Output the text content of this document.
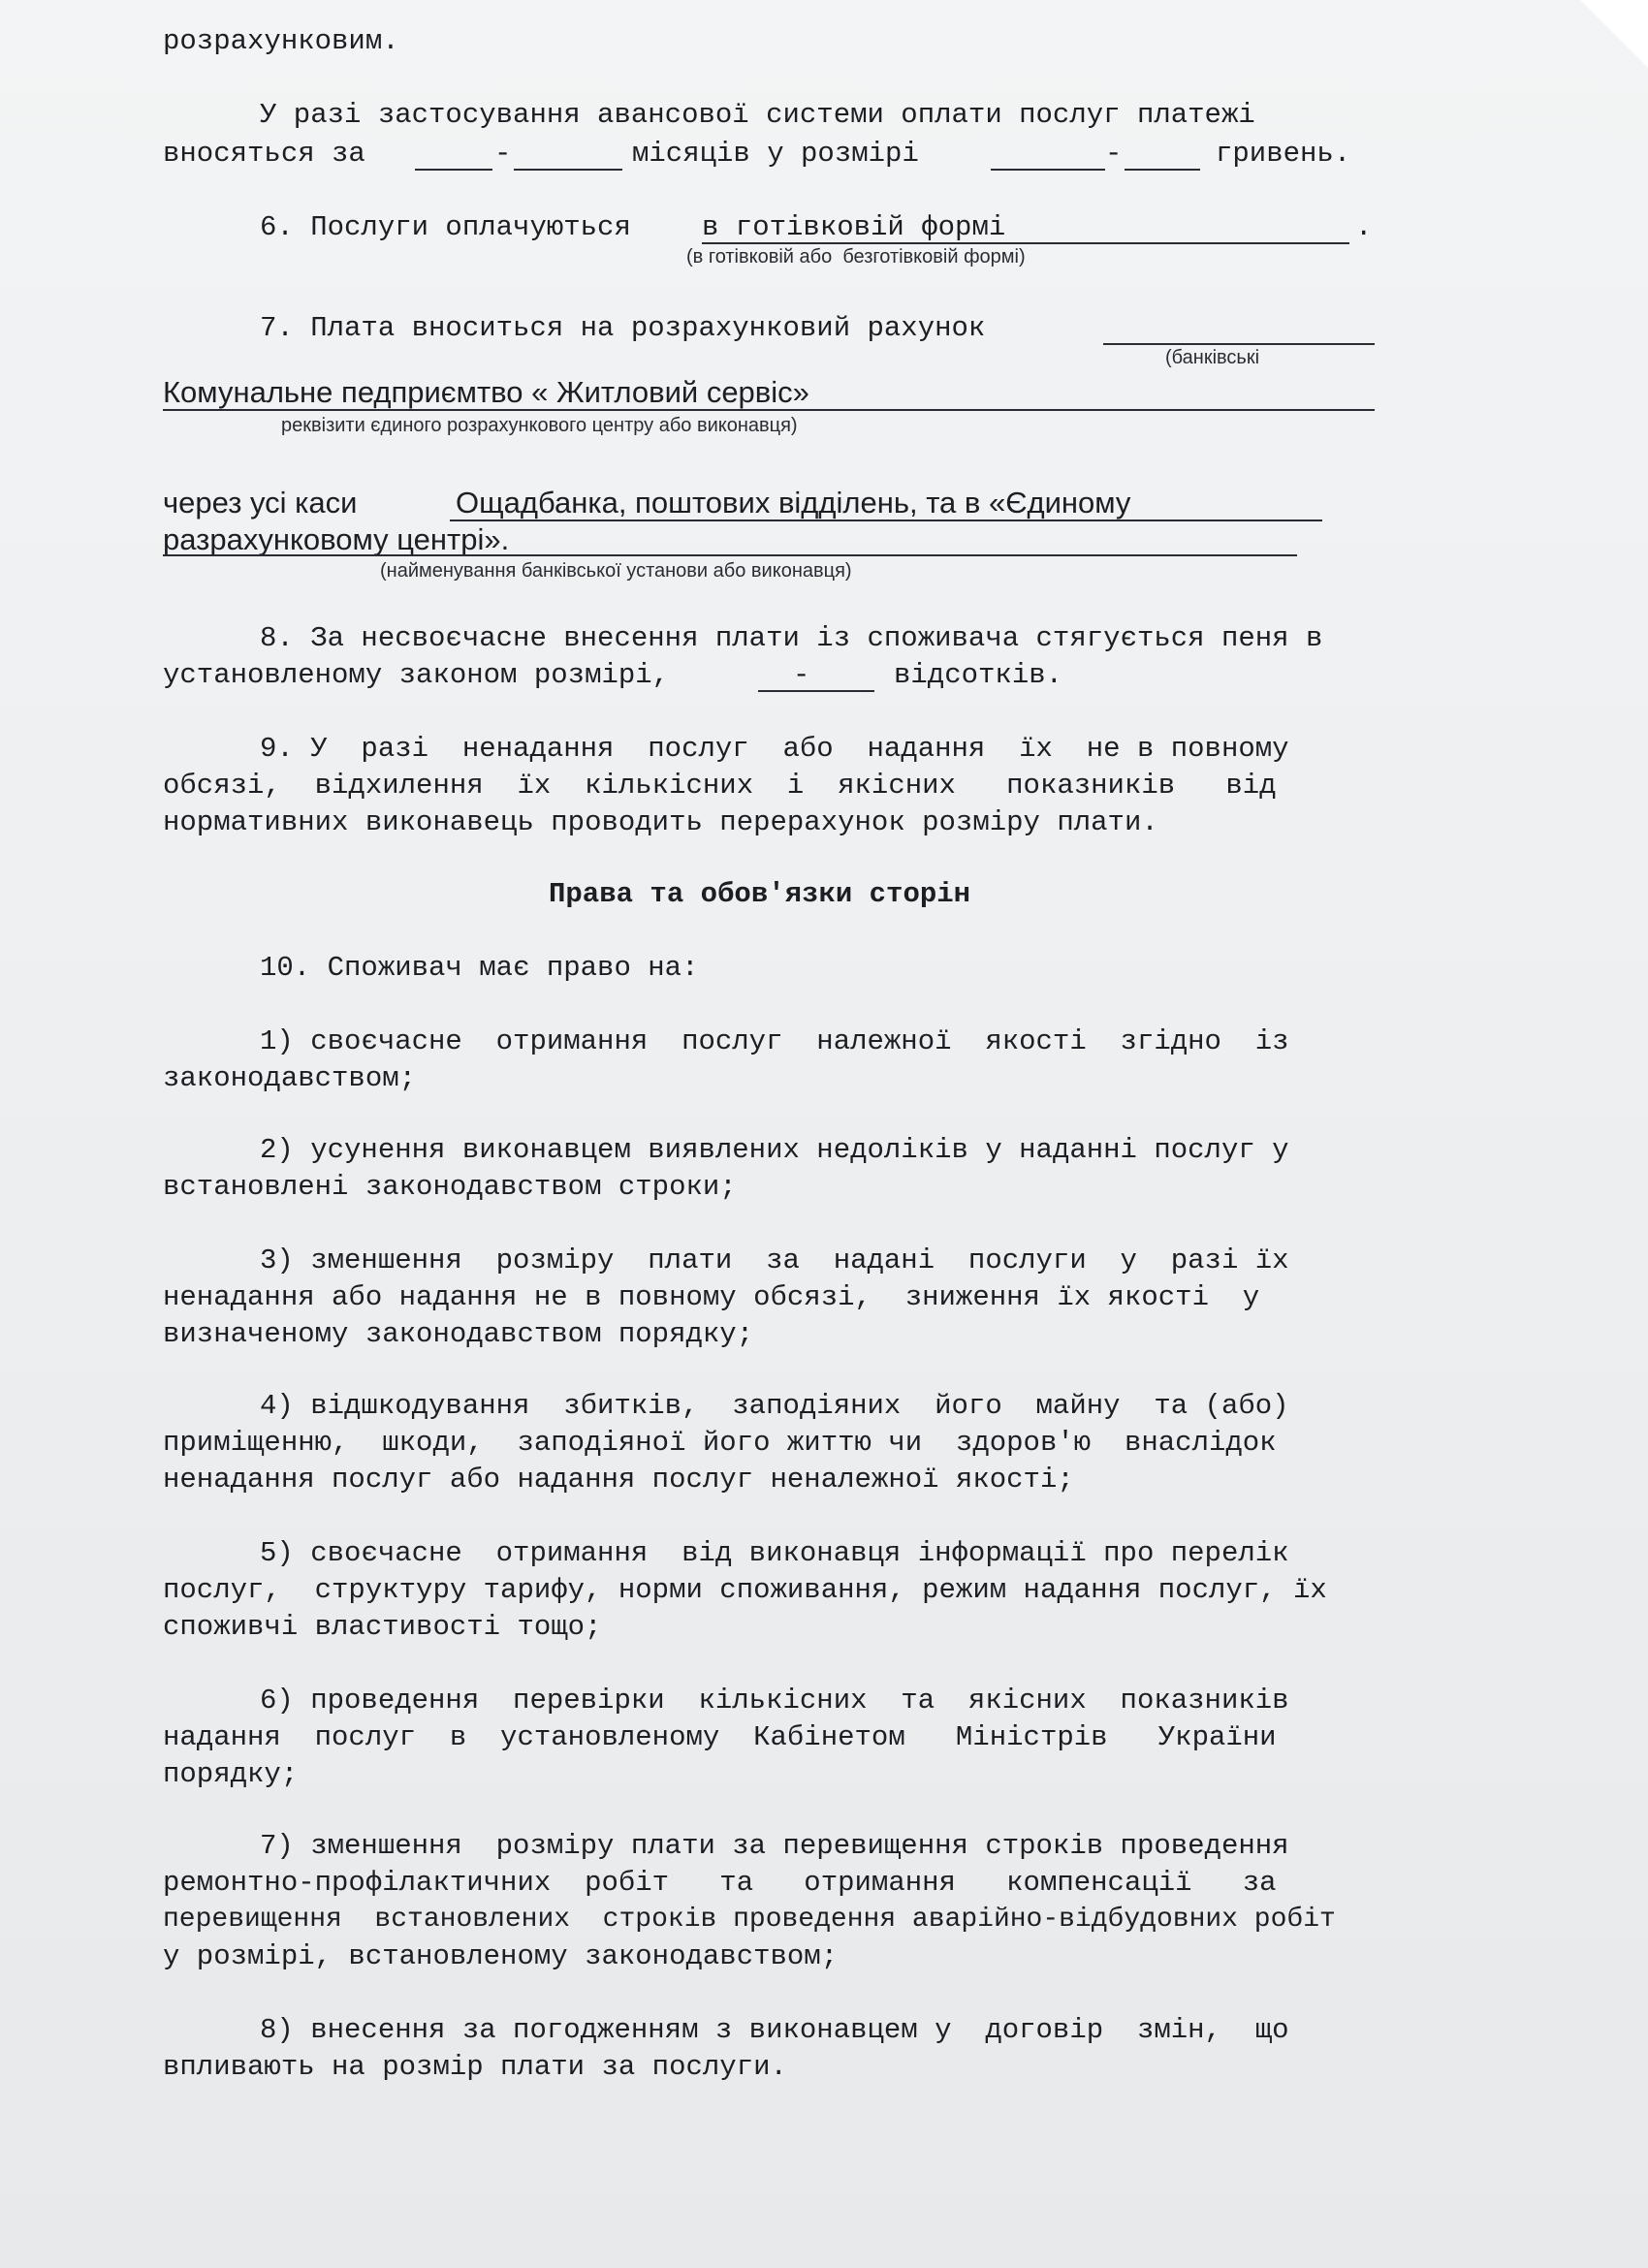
розрахунковим.
У разі застосування авансової системи оплати послуг платежі
вносяться за	-	місяців у розмірі	-	гривень.
6. Послуги оплачуються	в готівковій формі	.
(в готівковій або  безготівковій формі)
7. Плата вноситься на розрахунковий рахунок
(банківські
Комунальне педприємтво « Житловий сервіс»
реквізити єдиного розрахункового центру або виконавця)
через усі каси	Ощадбанка, поштових віддiлень, та в «Єдиному
разрахунковому центрі».
(найменування банківської установи або виконавця)
8. За несвоєчасне внесення плати із споживача стягується пеня в
установленому законом розмірі,	-	відсотків.
9. У  разі  ненадання  послуг  або  надання  їх  не в повному
обсязі,  відхилення  їх  кількісних  і  якісних   показників   від
нормативних виконавець проводить перерахунок розміру плати.
Права та обов'язки сторін
10. Споживач має право на:
1) своєчасне  отримання  послуг  належної  якості  згідно  із
законодавством;
2) усунення виконавцем виявлених недоліків у наданні послуг у
встановлені законодавством строки;
3) зменшення  розміру  плати  за  надані  послуги  у  разі їх
ненадання або надання не в повному обсязі,  зниження їх якості  у
визначеному законодавством порядку;
4) відшкодування  збитків,  заподіяних  його  майну  та (або)
приміщенню,  шкоди,  заподіяної його життю чи  здоров'ю  внаслідок
ненадання послуг або надання послуг неналежної якості;
5) своєчасне  отримання  від виконавця інформації про перелік
послуг,  структуру тарифу, норми споживання, режим надання послуг, їх
споживчі властивості тощо;
6) проведення  перевірки  кількісних  та  якісних  показників
надання  послуг  в  установленому  Кабінетом   Міністрів   України
порядку;
7) зменшення  розміру плати за перевищення строків проведення
ремонтно-профілактичних  робіт   та   отримання   компенсації   за
перевищення  встановлених  строків проведення аварійно-відбудовних робіт
у розмірі, встановленому законодавством;
8) внесення за погодженням з виконавцем у  договір  змін,  що
впливають на розмір плати за послуги.
